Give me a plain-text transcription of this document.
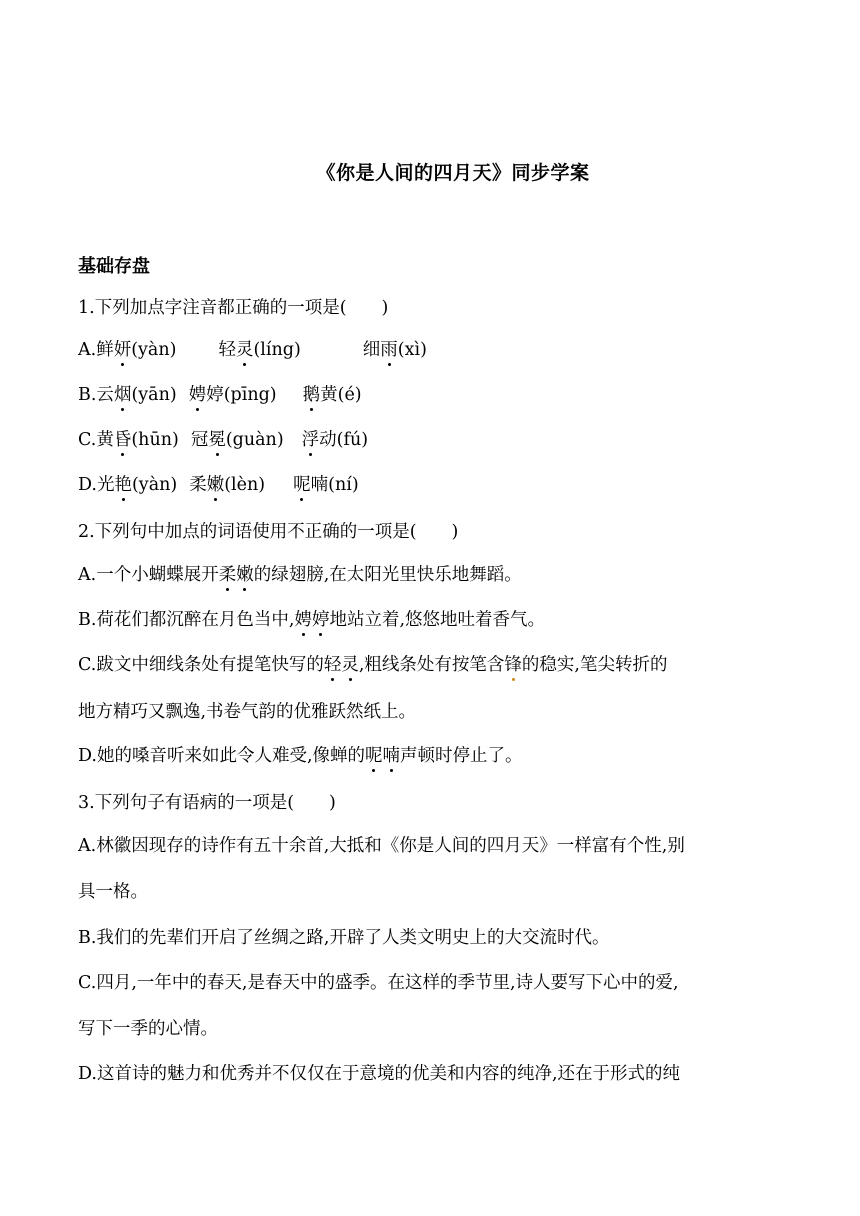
《你是人间的四月天》同步学案
基础存盘
1.下列加点字注音都正确的一项是(　　)
A.鲜妍(yàn) 轻灵(líng)	细雨(xì)
B.云烟(yān) 娉婷(pīng) 鹅黄(é)
C.黄昏(hūn) 冠冕(guàn) 浮动(fú)
D.光艳(yàn) 柔嫩(lèn) 呢喃(ní)
2.下列句中加点的词语使用不正确的一项是(　　)
A.一个小蝴蝶展开柔嫩的绿翅膀,在太阳光里快乐地舞蹈。
B.荷花们都沉醉在月色当中,娉婷地站立着,悠悠地吐着香气。
C.跋文中细线条处有提笔快写的轻灵,粗线条处有按笔含锋的稳实,笔尖转折的
地方精巧又飘逸,书卷气韵的优雅跃然纸上。
D.她的嗓音听来如此令人难受,像蝉的呢喃声顿时停止了。
3.下列句子有语病的一项是(　　)
A.林徽因现存的诗作有五十余首,大抵和《你是人间的四月天》一样富有个性,别
具一格。
B.我们的先辈们开启了丝绸之路,开辟了人类文明史上的大交流时代。
C.四月,一年中的春天,是春天中的盛季。在这样的季节里,诗人要写下心中的爱,
写下一季的心情。
D.这首诗的魅力和优秀并不仅仅在于意境的优美和内容的纯净,还在于形式的纯
